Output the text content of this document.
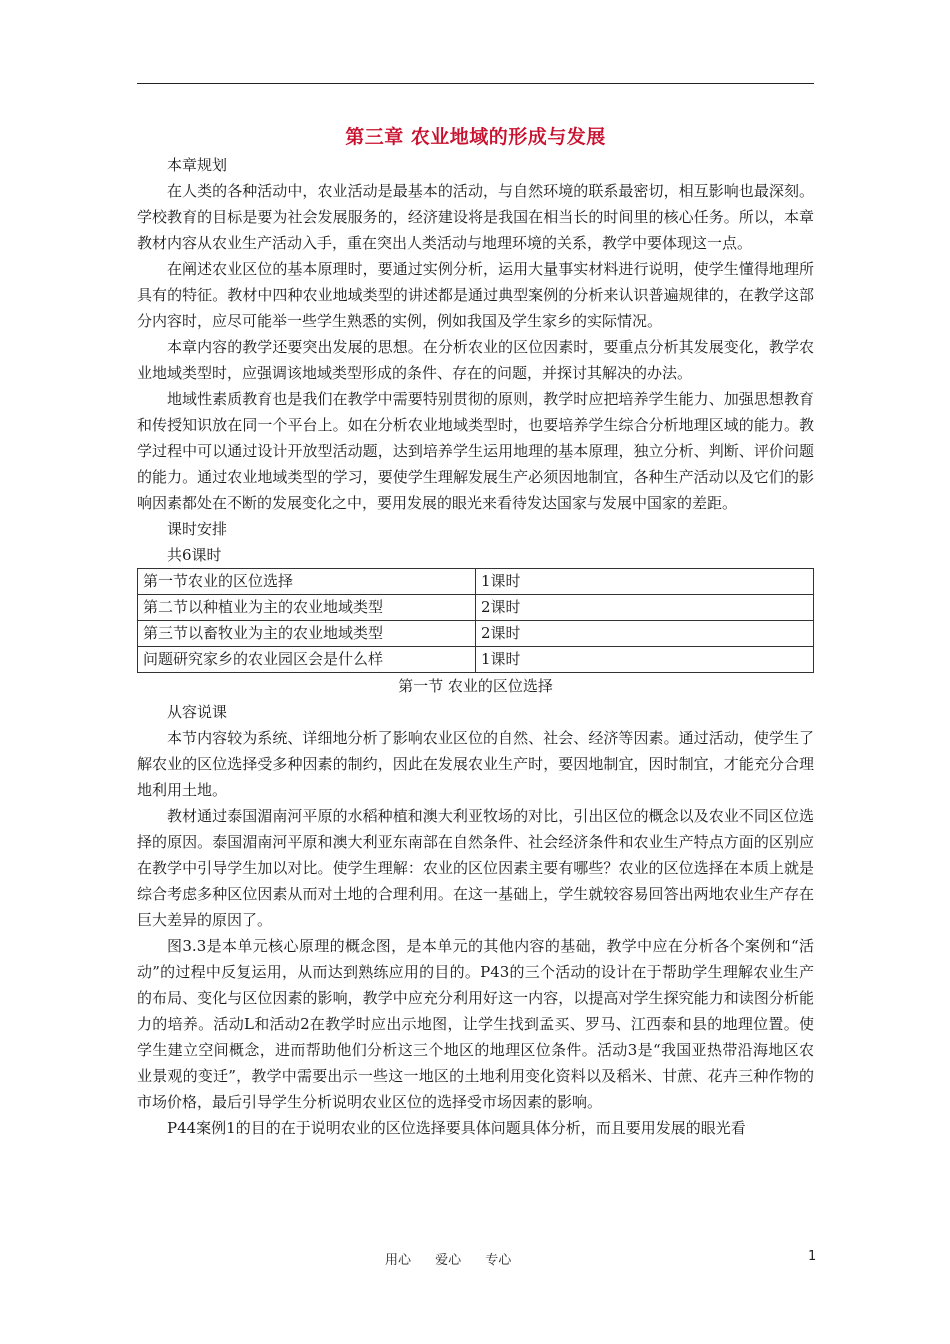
第三章 农业地域的形成与发展

本章规划

在人类的各种活动中，农业活动是最基本的活动，与自然环境的联系最密切，相互影响也最深刻。学校教育的目标是要为社会发展服务的，经济建设将是我国在相当长的时间里的核心任务。所以，本章教材内容从农业生产活动入手，重在突出人类活动与地理环境的关系，教学中要体现这一点。

在阐述农业区位的基本原理时，要通过实例分析，运用大量事实材料进行说明，使学生懂得地理所具有的特征。教材中四种农业地域类型的讲述都是通过典型案例的分析来认识普遍规律的，在教学这部分内容时，应尽可能举一些学生熟悉的实例，例如我国及学生家乡的实际情况。

本章内容的教学还要突出发展的思想。在分析农业的区位因素时，要重点分析其发展变化，教学农业地域类型时，应强调该地域类型形成的条件、存在的问题，并探讨其解决的办法。

地域性素质教育也是我们在教学中需要特别贯彻的原则，教学时应把培养学生能力、加强思想教育和传授知识放在同一个平台上。如在分析农业地域类型时，也要培养学生综合分析地理区域的能力。教学过程中可以通过设计开放型活动题，达到培养学生运用地理的基本原理，独立分析、判断、评价问题的能力。通过农业地域类型的学习，要使学生理解发展生产必须因地制宜，各种生产活动以及它们的影响因素都处在不断的发展变化之中，要用发展的眼光来看待发达国家与发展中国家的差距。

课时安排

共6课时

第一节农业的区位选择	1课时
第二节以种植业为主的农业地域类型	2课时
第三节以畜牧业为主的农业地域类型	2课时
问题研究家乡的农业园区会是什么样	1课时

第一节 农业的区位选择

从容说课

本节内容较为系统、详细地分析了影响农业区位的自然、社会、经济等因素。通过活动，使学生了解农业的区位选择受多种因素的制约，因此在发展农业生产时，要因地制宜，因时制宜，才能充分合理地利用土地。

教材通过泰国湄南河平原的水稻种植和澳大利亚牧场的对比，引出区位的概念以及农业不同区位选择的原因。泰国湄南河平原和澳大利亚东南部在自然条件、社会经济条件和农业生产特点方面的区别应在教学中引导学生加以对比。使学生理解：农业的区位因素主要有哪些？农业的区位选择在本质上就是综合考虑多种区位因素从而对土地的合理利用。在这一基础上，学生就较容易回答出两地农业生产存在巨大差异的原因了。

图3.3是本单元核心原理的概念图，是本单元的其他内容的基础，教学中应在分析各个案例和“活动”的过程中反复运用，从而达到熟练应用的目的。P43的三个活动的设计在于帮助学生理解农业生产的布局、变化与区位因素的影响，教学中应充分利用好这一内容，以提高对学生探究能力和读图分析能力的培养。活动L和活动2在教学时应出示地图，让学生找到孟买、罗马、江西泰和县的地理位置。使学生建立空间概念，进而帮助他们分析这三个地区的地理区位条件。活动3是“我国亚热带沿海地区农业景观的变迁”，教学中需要出示一些这一地区的土地利用变化资料以及稻米、甘蔗、花卉三种作物的市场价格，最后引导学生分析说明农业区位的选择受市场因素的影响。

P44案例1的目的在于说明农业的区位选择要具体问题具体分析，而且要用发展的眼光看

用心 爱心 专心	1
